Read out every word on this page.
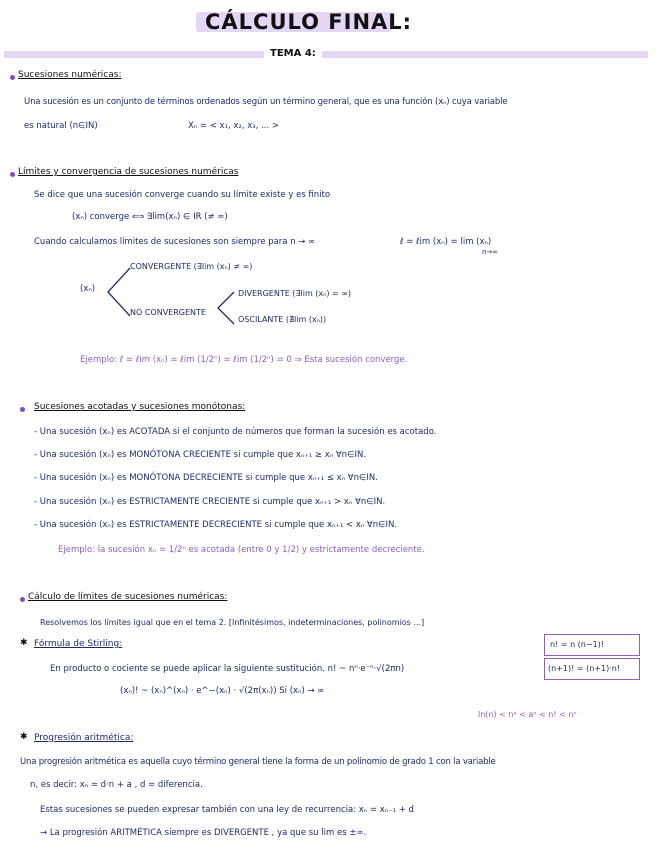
CÁLCULO FINAL:
TEMA 4:
Sucesiones numéricas:
Una sucesión es un conjunto de términos ordenados según un término general, que es una función (xₙ) cuya variable
es natural (n∈IN)	Xₙ = < x₁, x₂, x₃, ... >
Límites y convergencia de sucesiones numéricas
Se dice que una sucesión converge cuando su límite existe y es finito
(xₙ) converge ⟺ ∃lim(xₙ) ∈ IR (≠ ∞)
Cuando calculamos límites de sucesiones son siempre para n → ∞	ℓ = ℓim (xₙ) = lim (xₙ)
n→∞
(xₙ)
CONVERGENTE (∃lim (xₙ) ≠ ∞)
NO CONVERGENTE
DIVERGENTE (∃lim (xₙ) = ∞)
OSCILANTE (∄lim (xₙ))
Ejemplo: ℓ = ℓim (xₙ) = ℓim (1/2ⁿ) = ℓim (1/2ⁿ) = 0 ⇒ Esta sucesión converge.
Sucesiones acotadas y sucesiones monótonas:
- Una sucesión (xₙ) es ACOTADA si el conjunto de números que forman la sucesión es acotado.
- Una sucesión (xₙ) es MONÓTONA CRECIENTE si cumple que xₙ₊₁ ≥ xₙ ∀n∈IN.
- Una sucesión (xₙ) es MONÓTONA DECRECIENTE si cumple que xₙ₊₁ ≤ xₙ ∀n∈IN.
- Una sucesión (xₙ) es ESTRICTAMENTE CRECIENTE si cumple que xₙ₊₁ > xₙ ∀n∈IN.
- Una sucesión (xₙ) es ESTRICTAMENTE DECRECIENTE si cumple que xₙ₊₁ < xₙ ∀n∈IN.
Ejemplo: la sucesión xₙ = 1/2ⁿ es acotada (entre 0 y 1/2) y estrictamente decreciente.
Cálculo de límites de sucesiones numéricas:
Resolvemos los límites igual que en el tema 2. [Infinitésimos, indeterminaciones, polinomios ...]
✱ Fórmula de Stirling:
En producto o cociente se puede aplicar la siguiente sustitución. n! ~ nⁿ·e⁻ⁿ·√(2πn)
(xₙ)! ~ (xₙ)^(xₙ) · e^−(xₙ) · √(2π(xₙ)) Si (xₙ) → ∞
n! = n (n−1)!
(n+1)! = (n+1)·n!
ln(n) < nᵃ < aⁿ < n! < nⁿ
✱ Progresión aritmética:
Una progresión aritmética es aquella cuyo término general tiene la forma de un polinomio de grado 1 con la variable
n, es decir: xₙ = d·n + a , d = diferencia.
Estas sucesiones se pueden expresar también con una ley de recurrencia: xₙ = xₙ₋₁ + d
→ La progresión ARITMÉTICA siempre es DIVERGENTE , ya que su lim es ±∞.
